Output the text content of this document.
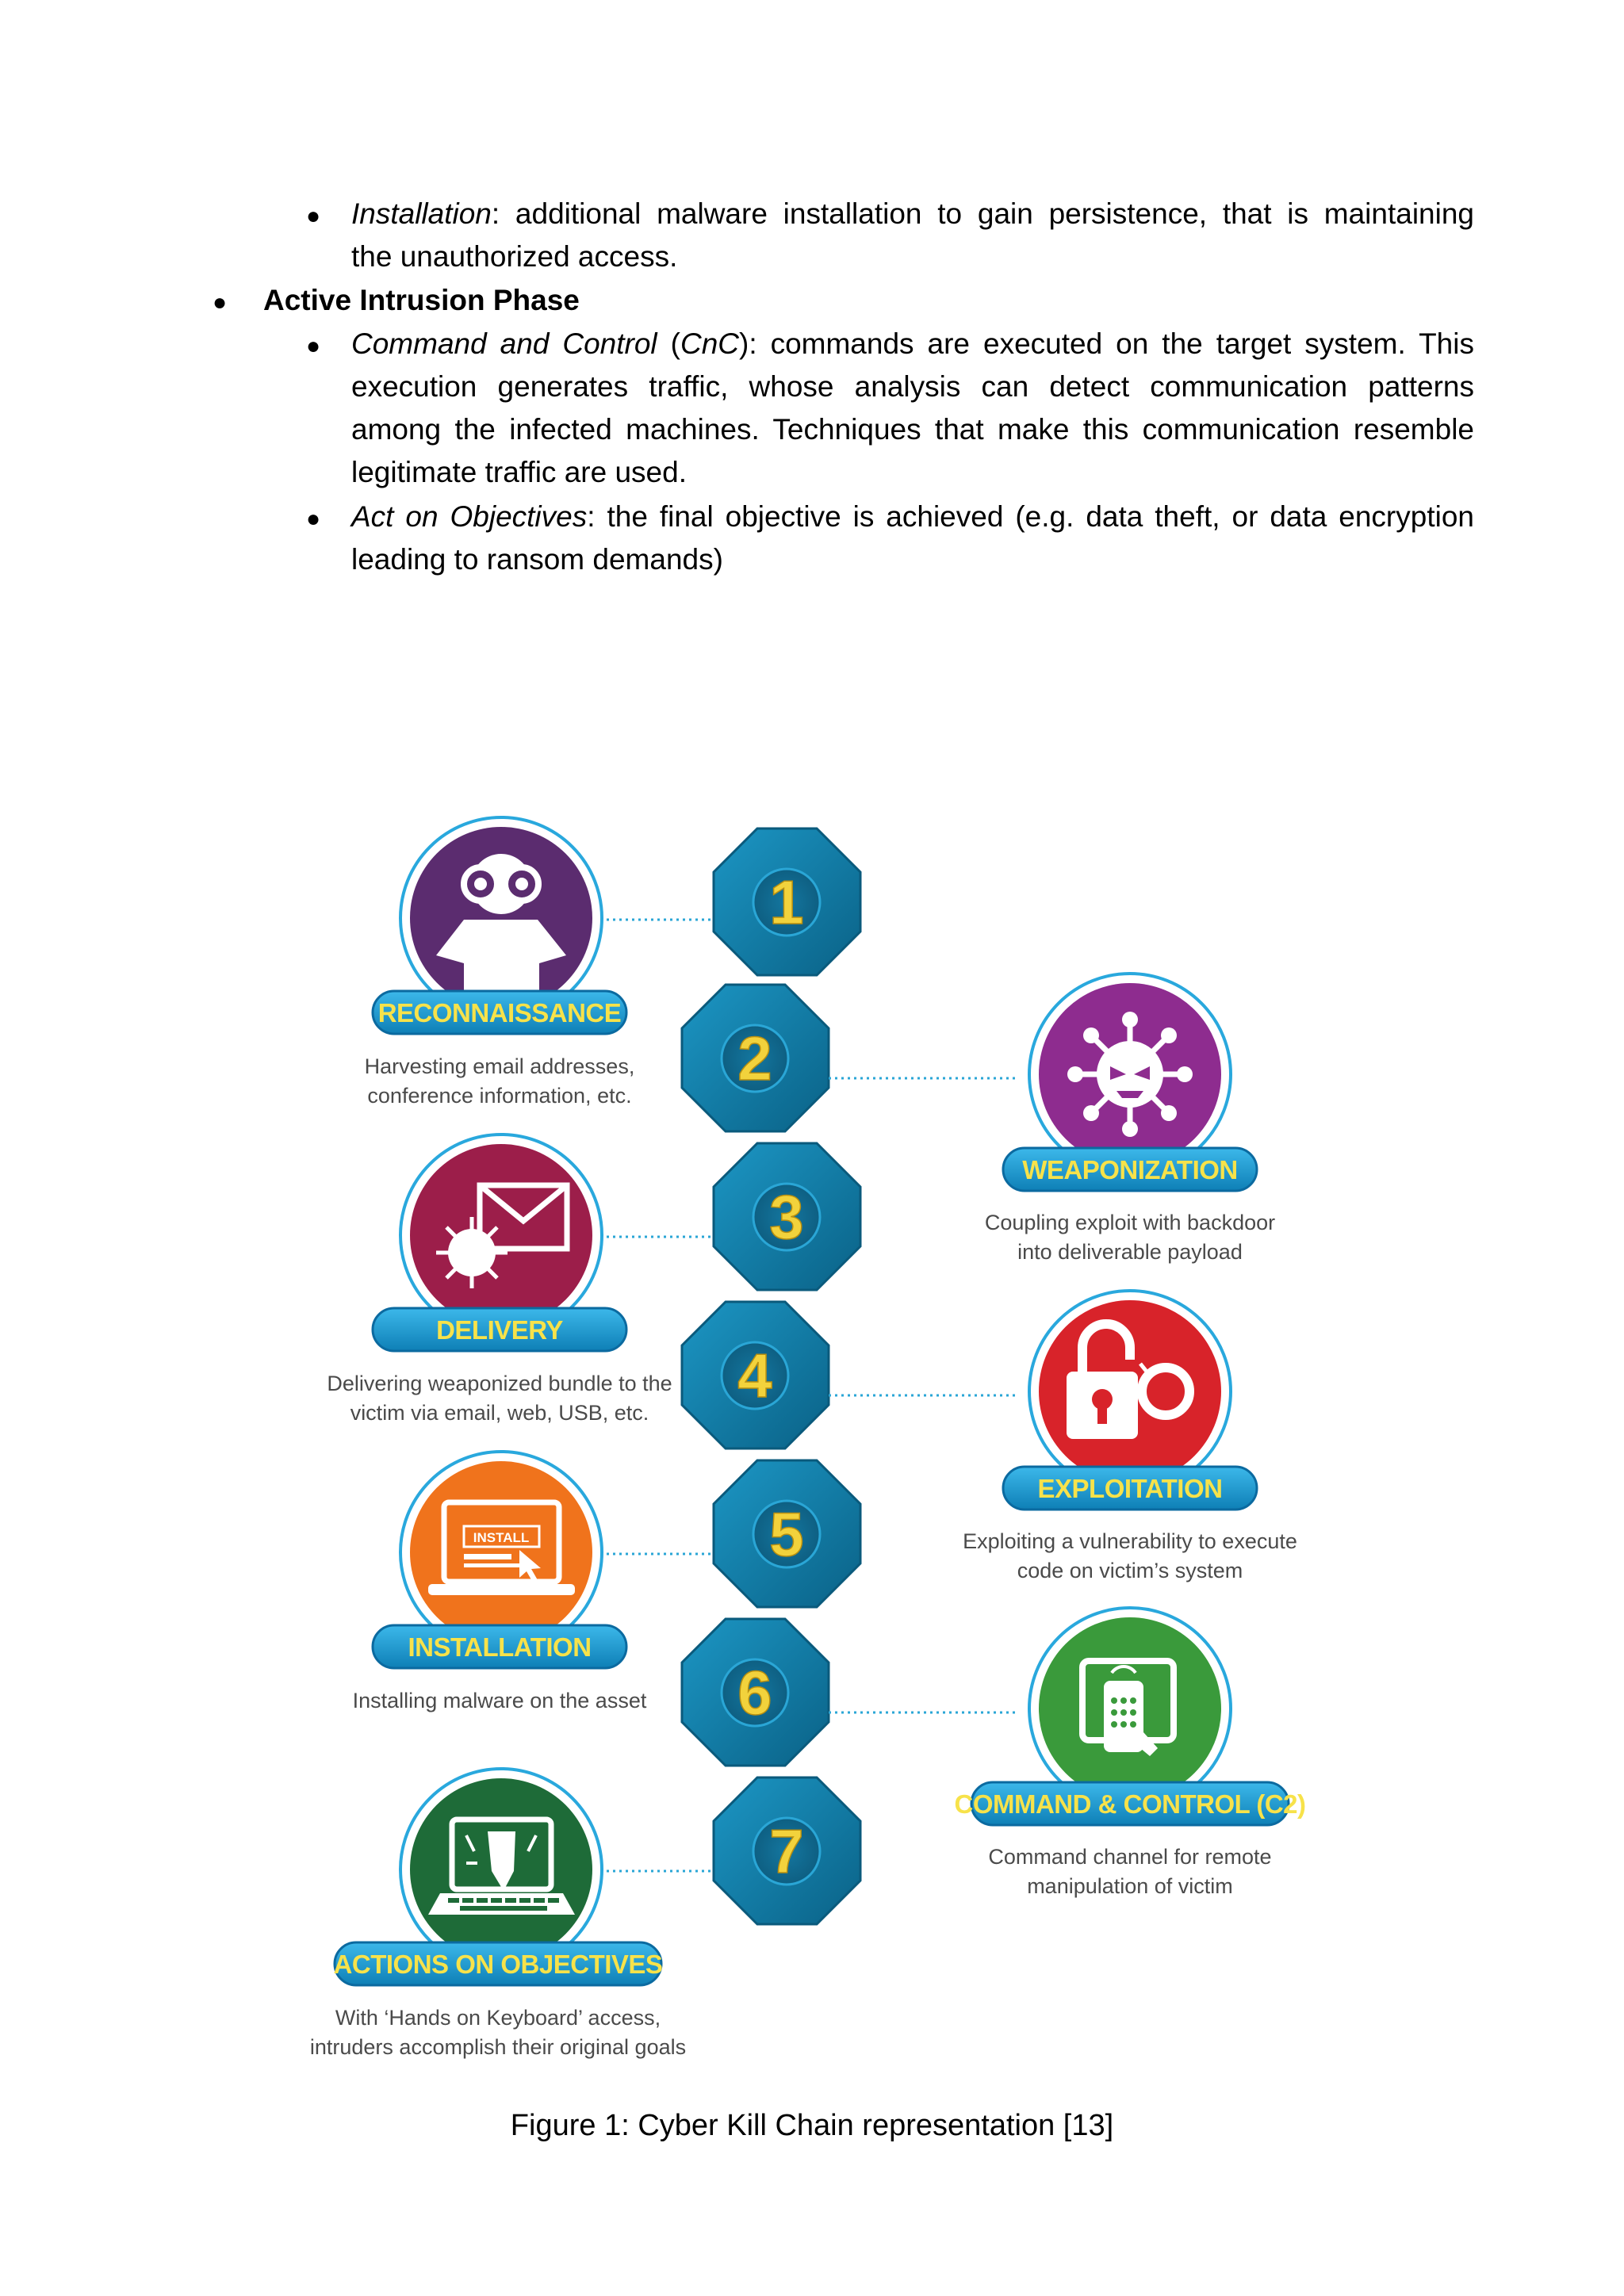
● Installation: additional malware installation to gain persistence, that is maintaining
the unauthorized access.
● Active Intrusion Phase
● Command and Control (CnC): commands are executed on the target system. This
execution generates traffic, whose analysis can detect communication patterns
among the infected machines. Techniques that make this communication resemble
legitimate traffic are used.
● Act on Objectives: the final objective is achieved (e.g. data theft, or data encryption
leading to ransom demands)
1
2
3
4
5
6
7
RECONNAISSANCE
Harvesting email addresses,
conference information, etc.
WEAPONIZATION
Coupling exploit with backdoor
into deliverable payload
DELIVERY
Delivering weaponized bundle to the
victim via email, web, USB, etc.
EXPLOITATION
Exploiting a vulnerability to execute
code on victim’s system
INSTALL
INSTALLATION
Installing malware on the asset
COMMAND & CONTROL (C2)
Command channel for remote
manipulation of victim
ACTIONS ON OBJECTIVES
With ‘Hands on Keyboard’ access,
intruders accomplish their original goals
Figure 1: Cyber Kill Chain representation [13]
